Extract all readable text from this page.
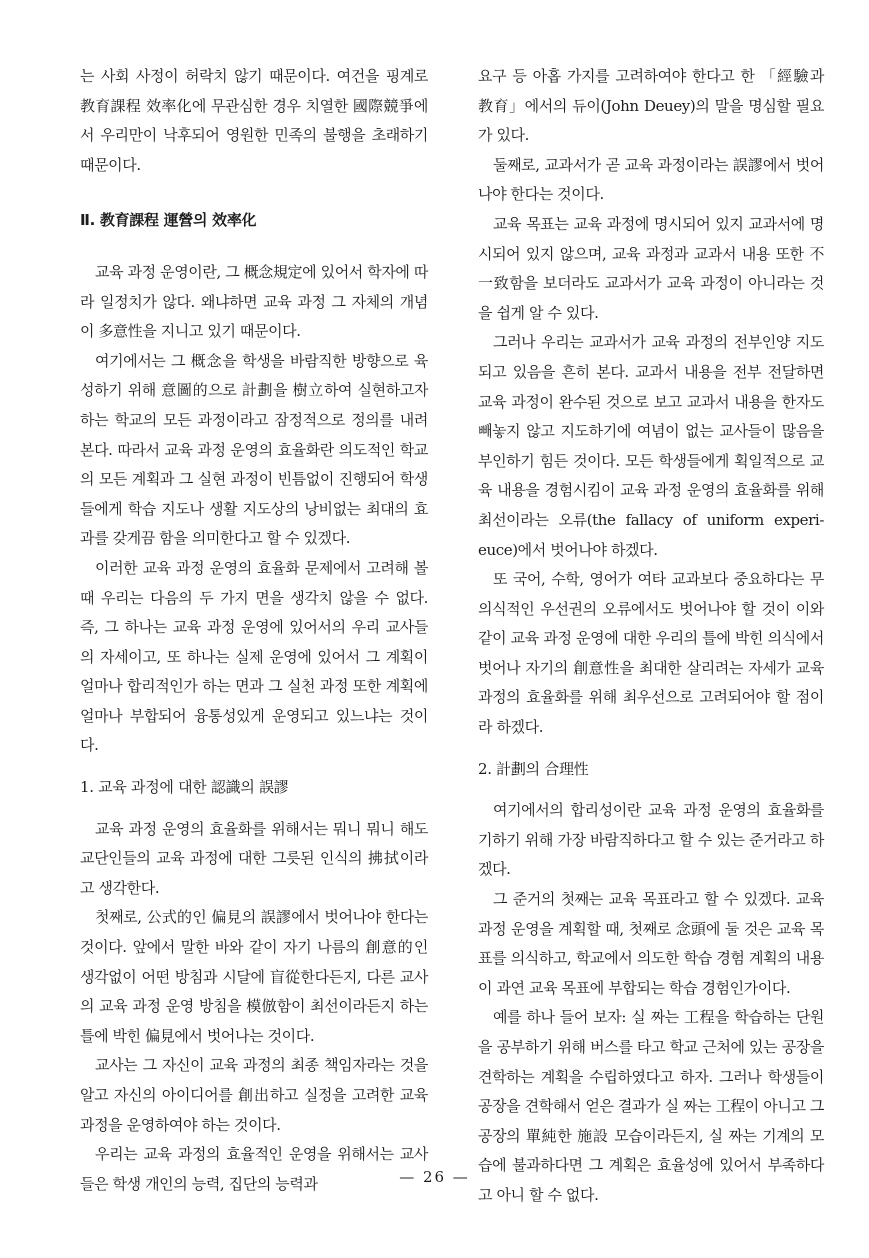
는 사회 사정이 허락치 않기 때문이다. 여건을 핑계로 教育課程 效率化에 무관심한 경우 치열한 國際競爭에서 우리만이 낙후되어 영원한 민족의 불행을 초래하기 때문이다.

Ⅱ. 教育課程 運營의 效率化

교육 과정 운영이란, 그 概念規定에 있어서 학자에 따라 일정치가 않다. 왜냐하면 교육 과정 그 자체의 개념이 多意性을 지니고 있기 때문이다.

여기에서는 그 概念을 학생을 바람직한 방향으로 육성하기 위해 意圖的으로 計劃을 樹立하여 실현하고자 하는 학교의 모든 과정이라고 잠정적으로 정의를 내려 본다. 따라서 교육 과정 운영의 효율화란 의도적인 학교의 모든 계획과 그 실현 과정이 빈틈없이 진행되어 학생들에게 학습 지도나 생활 지도상의 낭비없는 최대의 효과를 갖게끔 함을 의미한다고 할 수 있겠다.

이러한 교육 과정 운영의 효율화 문제에서 고려해 볼 때 우리는 다음의 두 가지 면을 생각치 않을 수 없다. 즉, 그 하나는 교육 과정 운영에 있어서의 우리 교사들의 자세이고, 또 하나는 실제 운영에 있어서 그 계획이 얼마나 합리적인가 하는 면과 그 실천 과정 또한 계획에 얼마나 부합되어 융통성있게 운영되고 있느냐는 것이다.

1. 교육 과정에 대한 認識의 誤謬

교육 과정 운영의 효율화를 위해서는 뭐니 뭐니 해도 교단인들의 교육 과정에 대한 그릇된 인식의 拂拭이라고 생각한다.

첫째로, 公式的인 偏見의 誤謬에서 벗어나야 한다는 것이다. 앞에서 말한 바와 같이 자기 나름의 創意的인 생각없이 어떤 방침과 시달에 盲從한다든지, 다른 교사의 교육 과정 운영 방침을 模倣함이 최선이라든지 하는 틀에 박힌 偏見에서 벗어나는 것이다.

교사는 그 자신이 교육 과정의 최종 책임자라는 것을 알고 자신의 아이디어를 創出하고 실정을 고려한 교육 과정을 운영하여야 하는 것이다.

우리는 교육 과정의 효율적인 운영을 위해서는 교사들은 학생 개인의 능력, 집단의 능력과

요구 등 아홉 가지를 고려하여야 한다고 한 「經驗과 教育」에서의 듀이(John Deuey)의 말을 명심할 필요가 있다.

둘째로, 교과서가 곧 교육 과정이라는 誤謬에서 벗어나야 한다는 것이다.

교육 목표는 교육 과정에 명시되어 있지 교과서에 명시되어 있지 않으며, 교육 과정과 교과서 내용 또한 不一致함을 보더라도 교과서가 교육 과정이 아니라는 것을 쉽게 알 수 있다.

그러나 우리는 교과서가 교육 과정의 전부인양 지도되고 있음을 흔히 본다. 교과서 내용을 전부 전달하면 교육 과정이 완수된 것으로 보고 교과서 내용을 한자도 빼놓지 않고 지도하기에 여념이 없는 교사들이 많음을 부인하기 힘든 것이다. 모든 학생들에게 획일적으로 교육 내용을 경험시킴이 교육 과정 운영의 효율화를 위해 최선이라는 오류(the fallacy of uniform experi-euce)에서 벗어나야 하겠다.

또 국어, 수학, 영어가 여타 교과보다 중요하다는 무의식적인 우선권의 오류에서도 벗어나야 할 것이 이와 같이 교육 과정 운영에 대한 우리의 틀에 박힌 의식에서 벗어나 자기의 創意性을 최대한 살리려는 자세가 교육 과정의 효율화를 위해 최우선으로 고려되어야 할 점이라 하겠다.

2. 計劃의 合理性

여기에서의 합리성이란 교육 과정 운영의 효율화를 기하기 위해 가장 바람직하다고 할 수 있는 준거라고 하겠다.

그 준거의 첫째는 교육 목표라고 할 수 있겠다. 교육 과정 운영을 계획할 때, 첫째로 念頭에 둘 것은 교육 목표를 의식하고, 학교에서 의도한 학습 경험 계획의 내용이 과연 교육 목표에 부합되는 학습 경험인가이다.

예를 하나 들어 보자: 실 짜는 工程을 학습하는 단원을 공부하기 위해 버스를 타고 학교 근처에 있는 공장을 견학하는 계획을 수립하였다고 하자. 그러나 학생들이 공장을 견학해서 얻은 결과가 실 짜는 工程이 아니고 그 공장의 單純한 施設 모습이라든지, 실 짜는 기계의 모습에 불과하다면 그 계획은 효율성에 있어서 부족하다고 아니 할 수 없다.

— 26 —
